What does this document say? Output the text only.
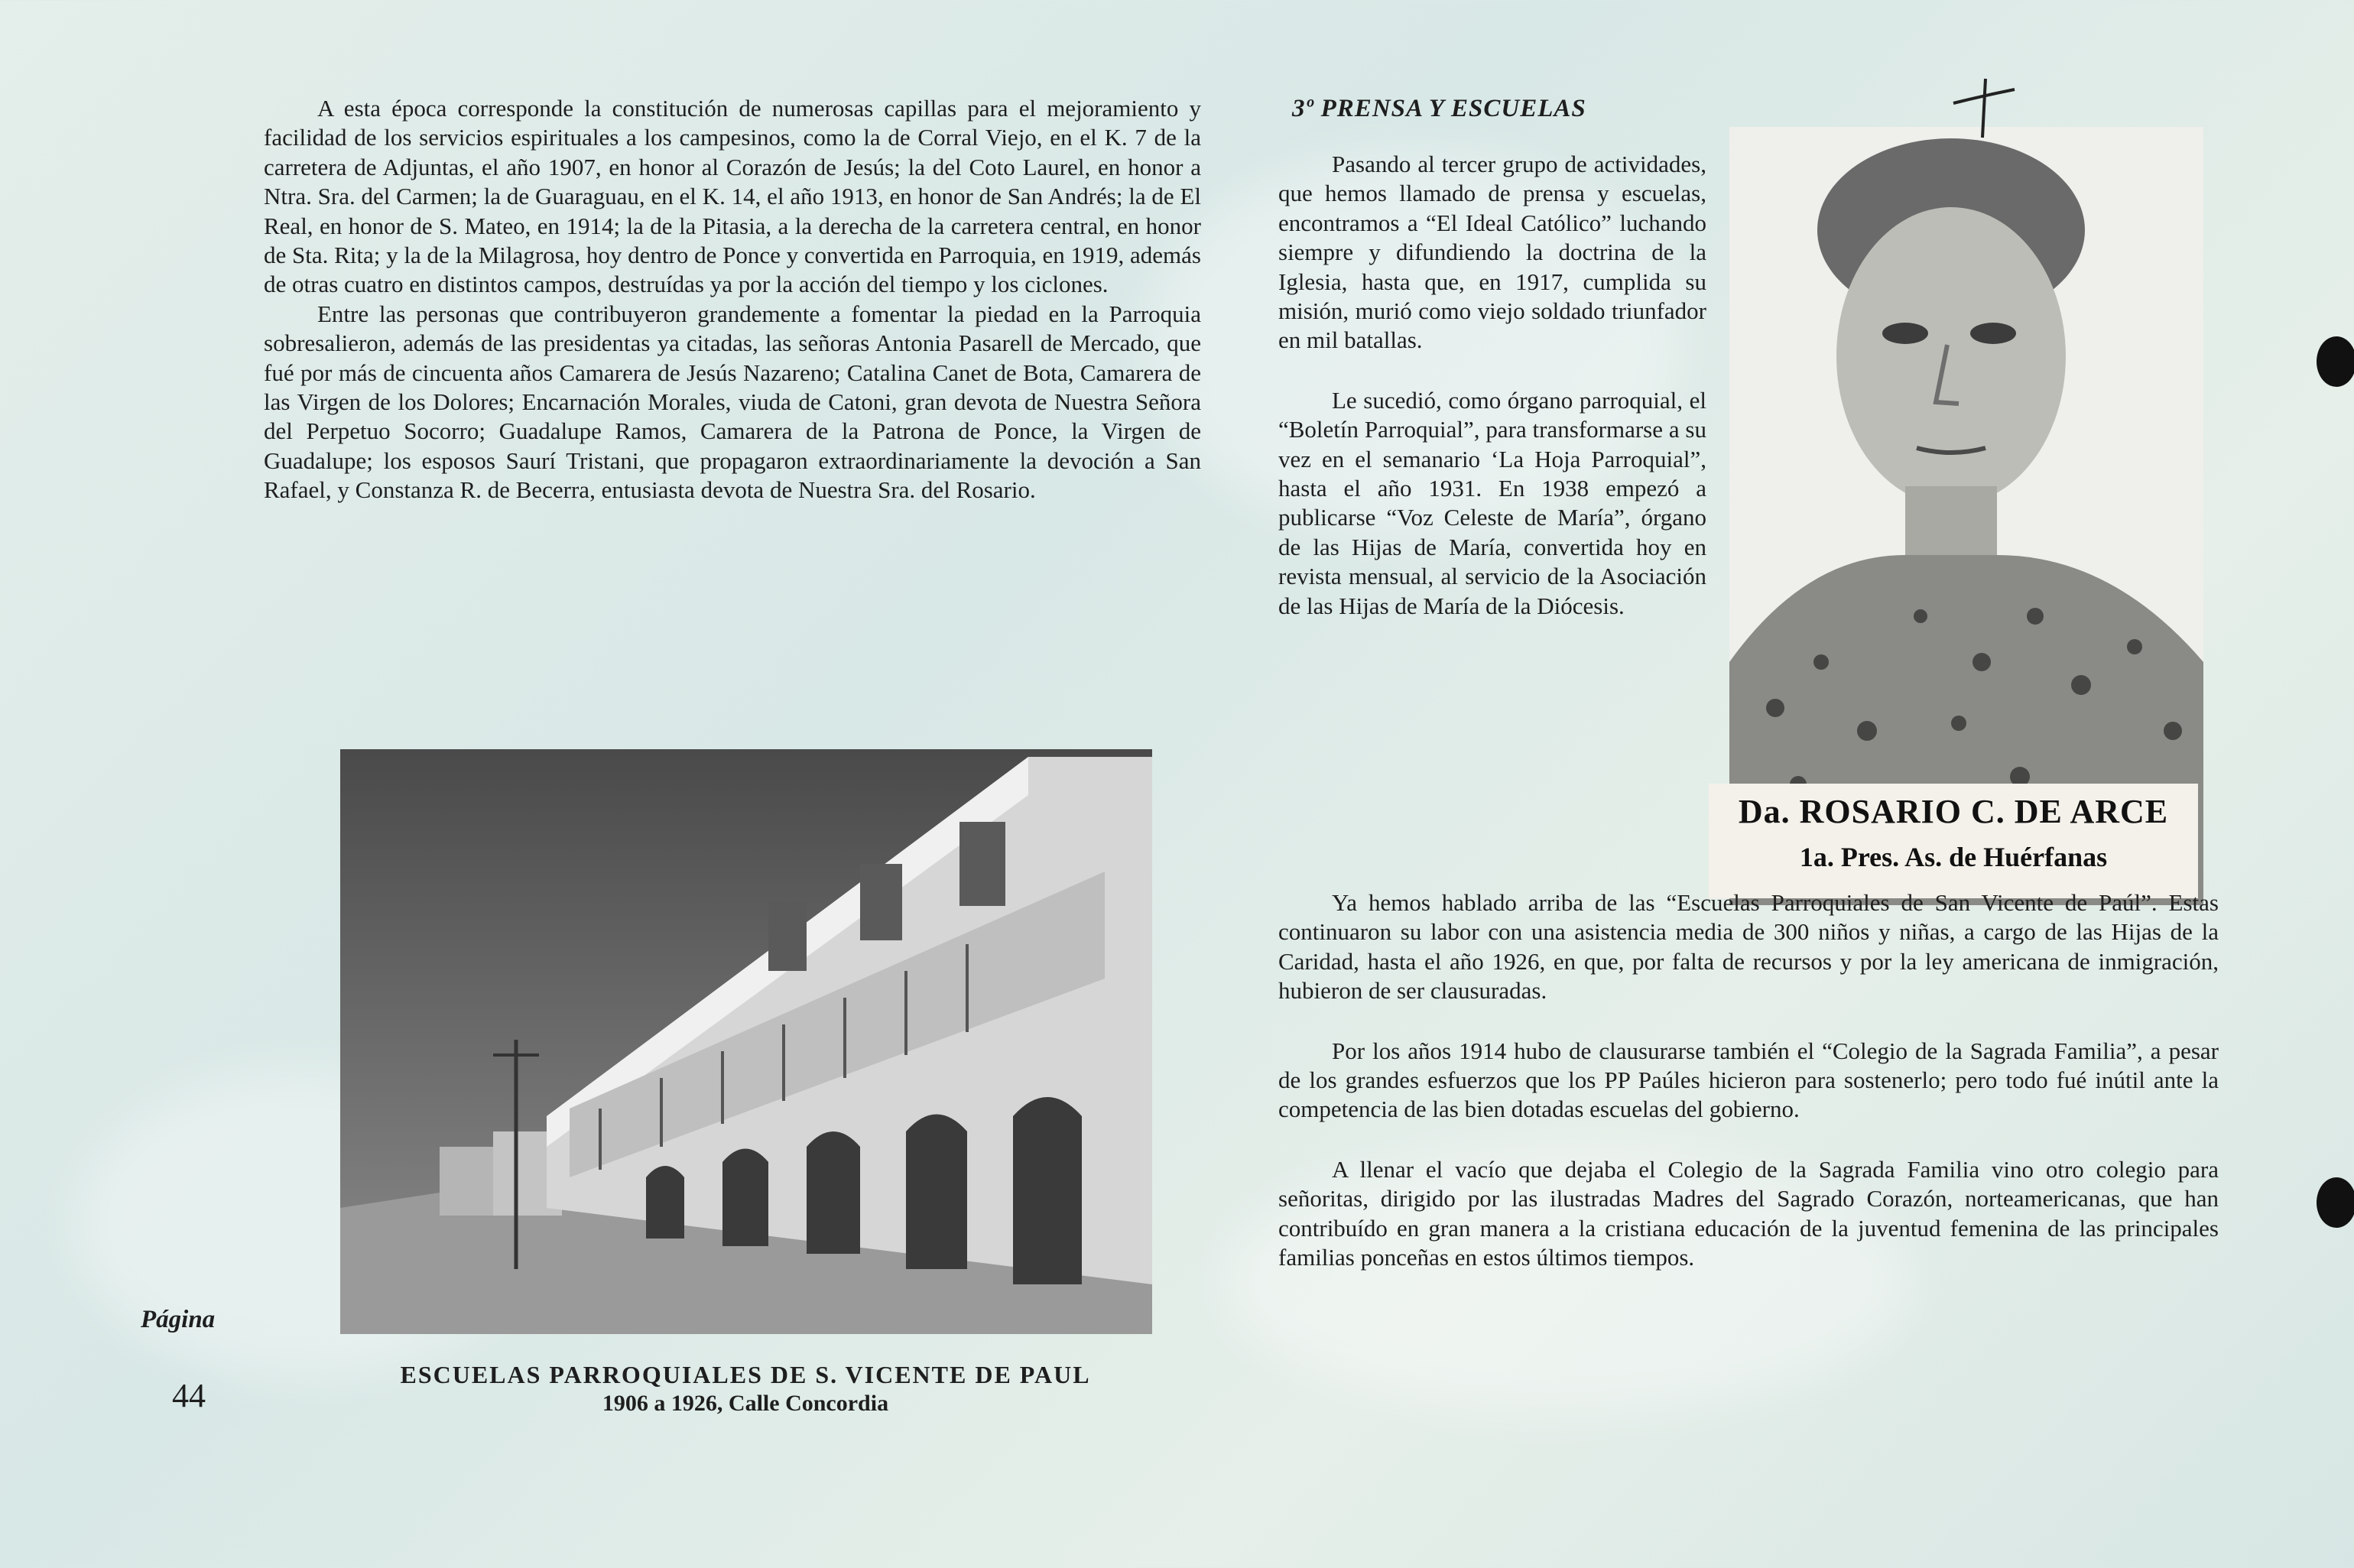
A esta época corresponde la constitución de numerosas capillas para el mejoramiento y facilidad de los servicios espirituales a los campesinos, como la de Corral Viejo, en el K. 7 de la carretera de Adjuntas, el año 1907, en honor al Corazón de Jesús; la del Coto Laurel, en honor a Ntra. Sra. del Carmen; la de Guaraguau, en el K. 14, el año 1913, en honor de San Andrés; la de El Real, en honor de S. Mateo, en 1914; la de la Pitasia, a la derecha de la carretera central, en honor de Sta. Rita; y la de la Milagrosa, hoy dentro de Ponce y convertida en Parroquia, en 1919, además de otras cuatro en distintos campos, destruídas ya por la acción del tiempo y los ciclones.

Entre las personas que contribuyeron grandemente a fomentar la piedad en la Parroquia sobresalieron, además de las presidentas ya citadas, las señoras Antonia Pasarell de Mercado, que fué por más de cincuenta años Camarera de Jesús Nazareno; Catalina Canet de Bota, Camarera de las Virgen de los Dolores; Encarnación Morales, viuda de Catoni, gran devota de Nuestra Señora del Perpetuo Socorro; Guadalupe Ramos, Camarera de la Patrona de Ponce, la Virgen de Guadalupe; los esposos Saurí Tristani, que propagaron extraordinariamente la devoción a San Rafael, y Constanza R. de Becerra, entusiasta devota de Nuestra Sra. del Rosario.

3º PRENSA Y ESCUELAS

Pasando al tercer grupo de actividades, que hemos llamado de prensa y escuelas, encontramos a “El Ideal Católico” luchando siempre y difundiendo la doctrina de la Iglesia, hasta que, en 1917, cumplida su misión, murió como viejo soldado triunfador en mil batallas.

Le sucedió, como órgano parroquial, el “Boletín Parroquial”, para transformarse a su vez en el semanario ‘La Hoja Parroquial”, hasta el año 1931. En 1938 empezó a publicarse “Voz Celeste de María”, órgano de las Hijas de María, convertida hoy en revista mensual, al servicio de la Asociación de las Hijas de María de la Diócesis.

Da. ROSARIO C. DE ARCE
1a. Pres. As. de Huérfanas

Ya hemos hablado arriba de las “Escuelas Parroquiales de San Vicente de Paúl”. Estas continuaron su labor con una asistencia media de 300 niños y niñas, a cargo de las Hijas de la Caridad, hasta el año 1926, en que, por falta de recursos y por la ley americana de inmigración, hubieron de ser clausuradas.

Por los años 1914 hubo de clausurarse también el “Colegio de la Sagrada Familia”, a pesar de los grandes esfuerzos que los PP Paúles hicieron para sostenerlo; pero todo fué inútil ante la competencia de las bien dotadas escuelas del gobierno.

A llenar el vacío que dejaba el Colegio de la Sagrada Familia vino otro colegio para señoritas, dirigido por las ilustradas Madres del Sagrado Corazón, norteamericanas, que han contribuído en gran manera a la cristiana educación de la juventud femenina de las principales familias ponceñas en estos últimos tiempos.

ESCUELAS PARROQUIALES DE S. VICENTE DE PAUL
1906 a 1926, Calle Concordia
Página
44
